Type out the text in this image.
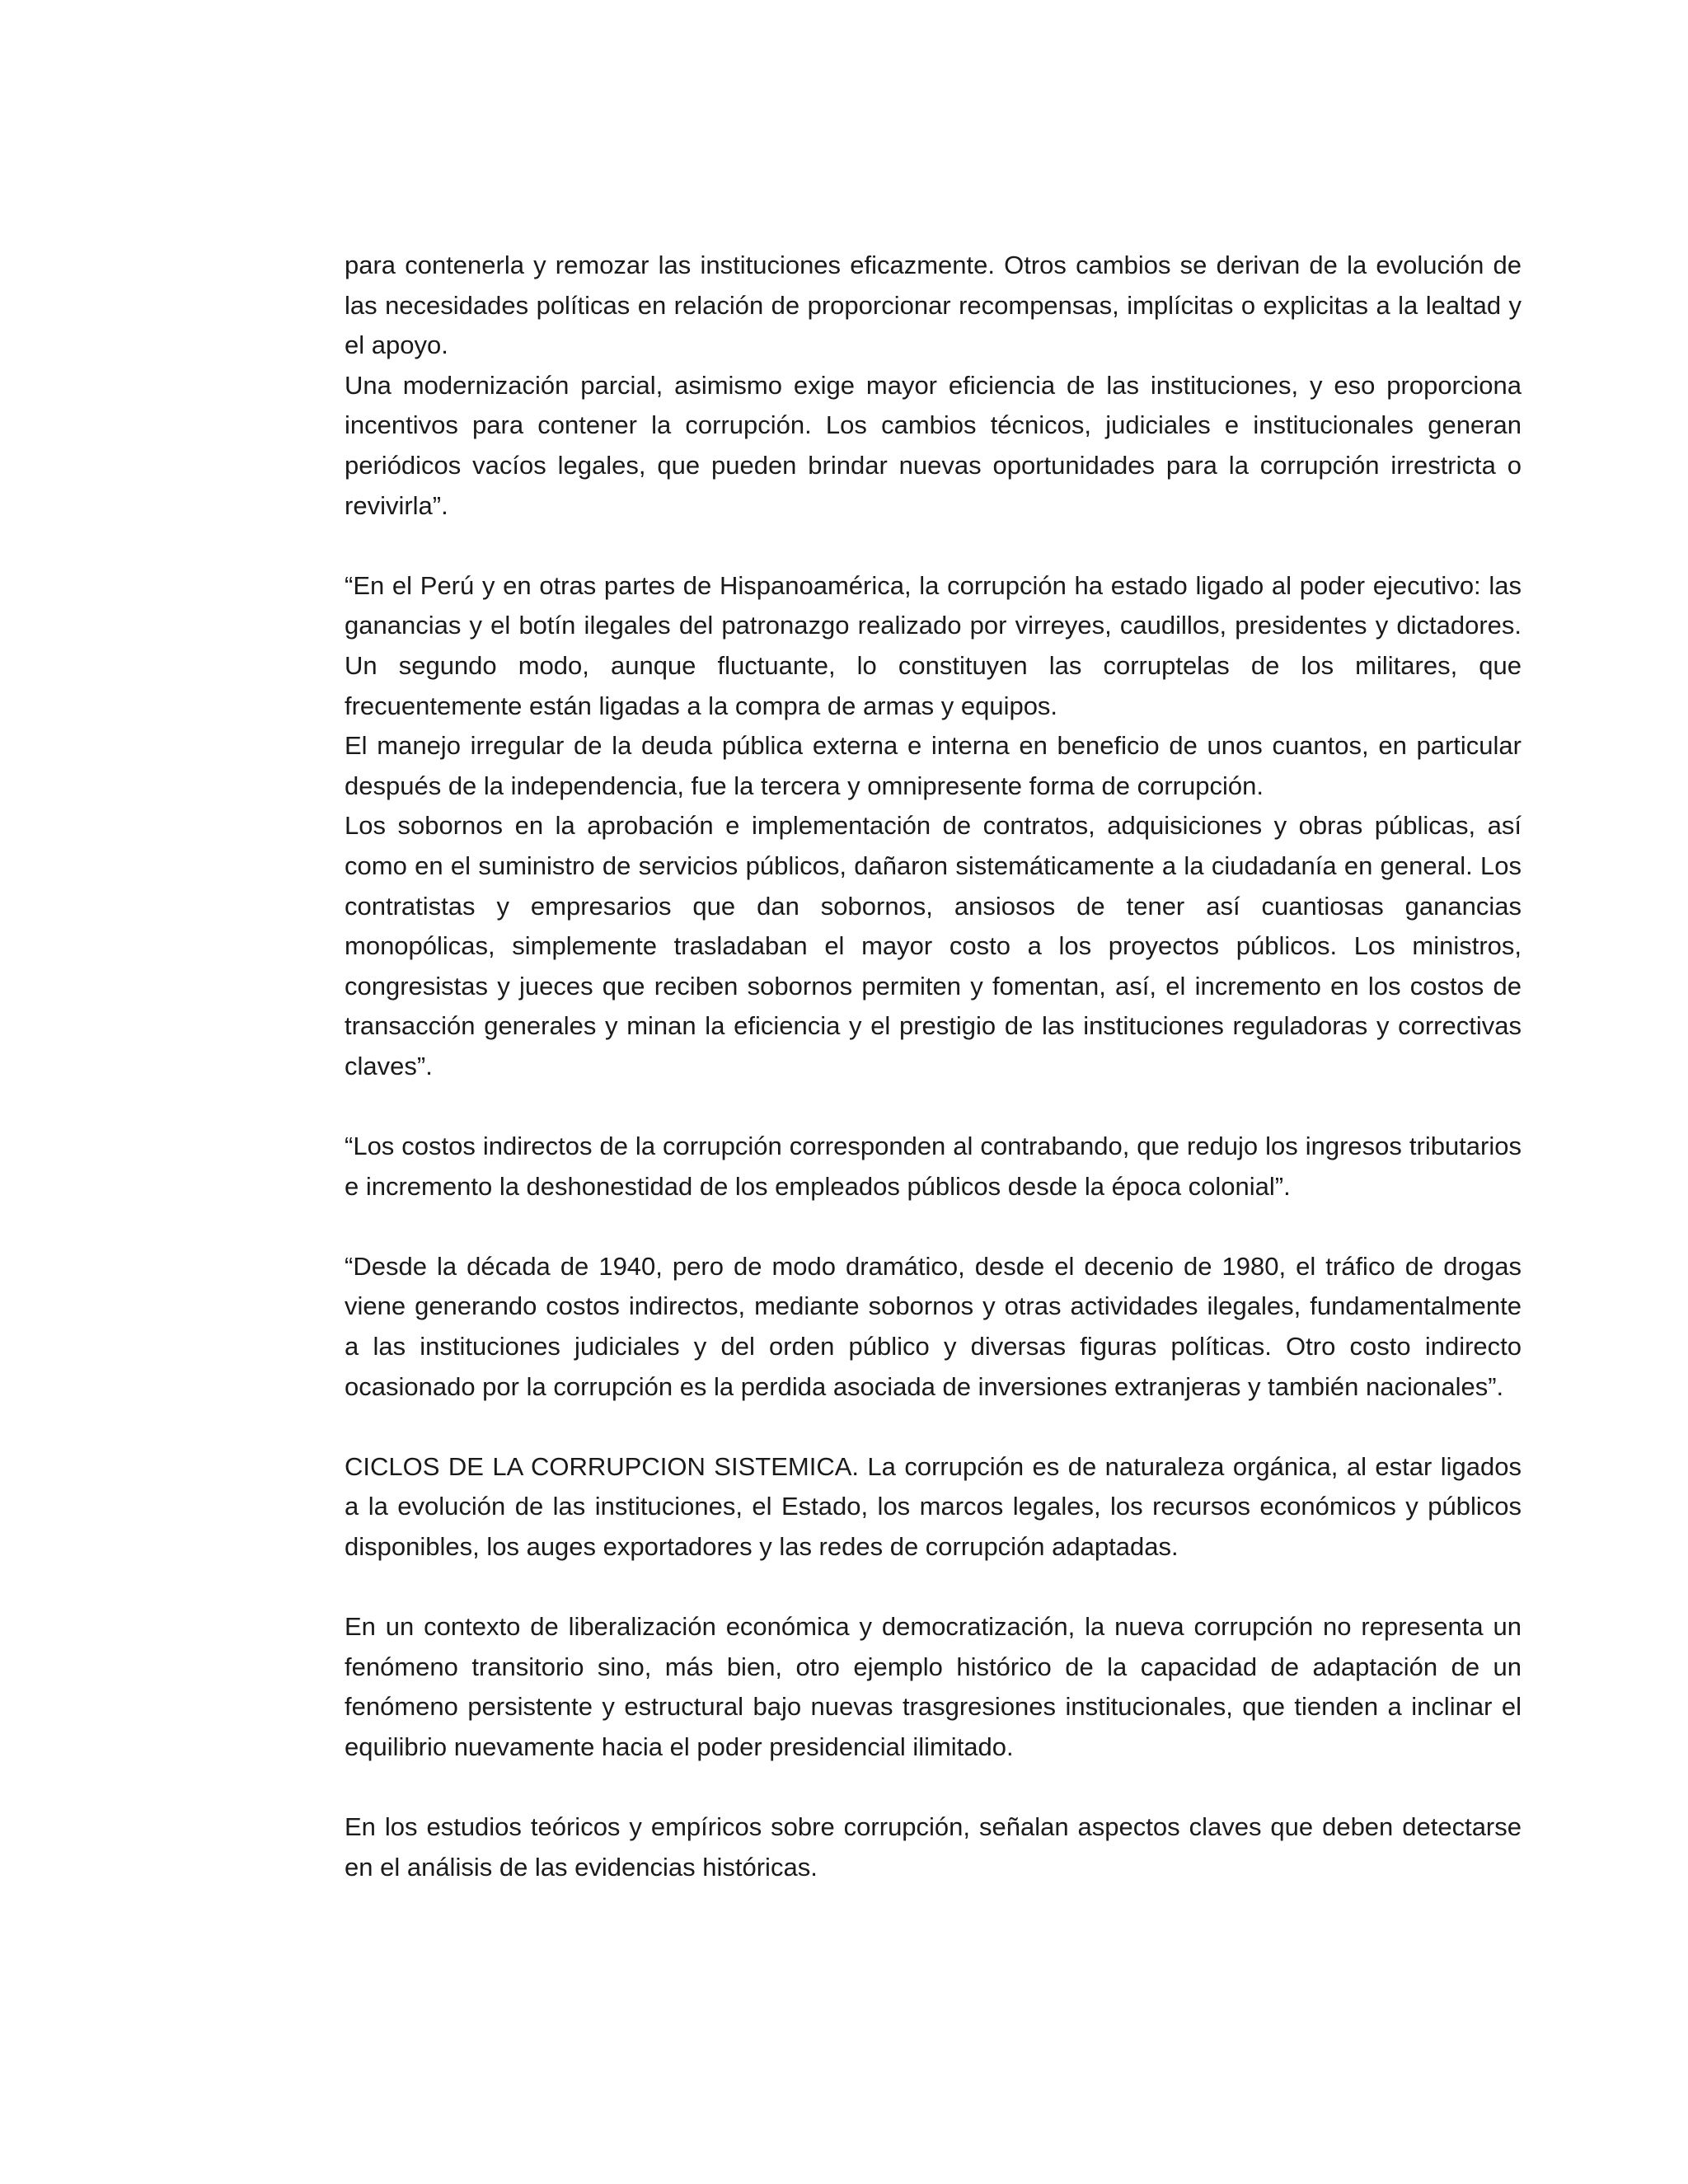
para contenerla y remozar las instituciones eficazmente. Otros cambios se derivan de la evolución de las necesidades políticas en relación de proporcionar recompensas, implícitas o explicitas a la lealtad y el apoyo.

Una modernización parcial, asimismo exige mayor eficiencia de las instituciones, y eso proporciona incentivos para contener la corrupción. Los cambios técnicos, judiciales e institucionales generan periódicos vacíos legales, que pueden brindar nuevas oportunidades para la corrupción irrestricta o revivirla”.

“En el Perú y en otras partes de Hispanoamérica, la corrupción ha estado ligado al poder ejecutivo: las ganancias y el botín ilegales del patronazgo realizado por virreyes, caudillos, presidentes y dictadores. Un segundo modo, aunque fluctuante, lo constituyen las corruptelas de los militares, que frecuentemente están ligadas a la compra de armas y equipos.

El manejo irregular de la deuda pública externa e interna en beneficio de unos cuantos, en particular después de la independencia, fue la tercera y omnipresente forma de corrupción.

Los sobornos en la aprobación e implementación de contratos, adquisiciones y obras públicas, así como en el suministro de servicios públicos, dañaron sistemáticamente a la ciudadanía en general. Los contratistas y empresarios que dan sobornos, ansiosos de tener así cuantiosas ganancias monopólicas, simplemente trasladaban el mayor costo a los proyectos públicos. Los ministros, congresistas y jueces que reciben sobornos permiten y fomentan, así, el incremento en los costos de transacción generales y minan la eficiencia y el prestigio de las instituciones reguladoras y correctivas claves”.

“Los costos indirectos de la corrupción corresponden al contrabando, que redujo los ingresos tributarios e incremento la deshonestidad de los empleados públicos desde la época colonial”.

“Desde la década de 1940, pero de modo dramático, desde el decenio de 1980, el tráfico de drogas viene generando costos indirectos, mediante sobornos y otras actividades ilegales, fundamentalmente a las instituciones judiciales y del orden público y diversas figuras políticas. Otro costo indirecto ocasionado por la corrupción es la perdida asociada de inversiones extranjeras y también nacionales”.

CICLOS DE LA CORRUPCION SISTEMICA. La corrupción es de naturaleza orgánica, al estar ligados a la evolución de las instituciones, el Estado, los marcos legales, los recursos económicos y públicos disponibles, los auges exportadores y las redes de corrupción adaptadas.

En un contexto de liberalización económica y democratización, la nueva corrupción no representa un fenómeno transitorio sino, más bien, otro ejemplo histórico de la capacidad de adaptación de un fenómeno persistente y estructural bajo nuevas trasgresiones institucionales, que tienden a inclinar el equilibrio nuevamente hacia el poder presidencial ilimitado.

En los estudios teóricos y empíricos sobre corrupción, señalan aspectos claves que deben detectarse en el análisis de las evidencias históricas.
